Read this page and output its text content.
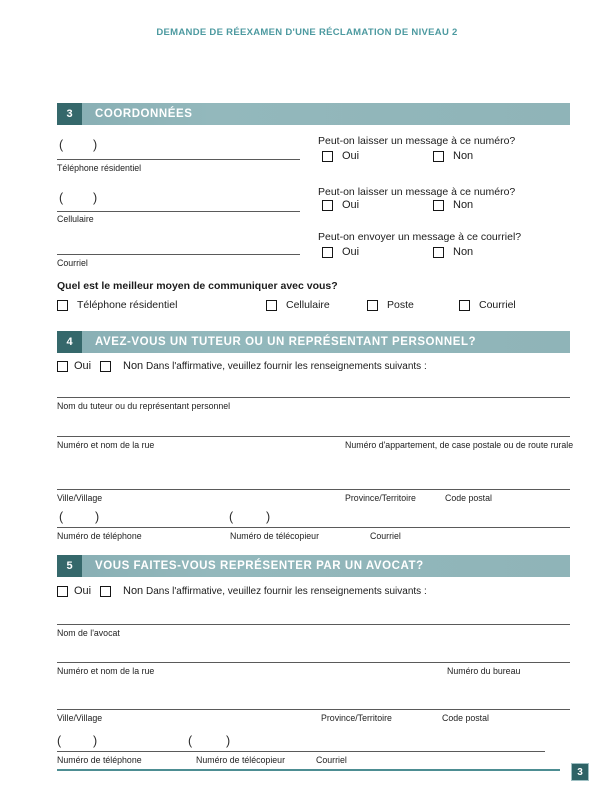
DEMANDE DE RÉEXAMEN D'UNE RÉCLAMATION DE NIVEAU 2
3	COORDONNÉES
( )
Téléphone résidentiel
Peut-on laisser un message à ce numéro?
Oui	Non
( )
Cellulaire
Peut-on laisser un message à ce numéro?
Oui	Non
Courriel
Peut-on envoyer un message à ce courriel?
Oui	Non
Quel est le meilleur moyen de communiquer avec vous?
Téléphone résidentiel	Cellulaire	Poste	Courriel
4	AVEZ-VOUS UN TUTEUR OU UN REPRÉSENTANT PERSONNEL?
Oui	Non Dans l'affirmative, veuillez fournir les renseignements suivants :
Nom du tuteur ou du représentant personnel
Numéro et nom de la rue	Numéro d'appartement, de case postale ou de route rurale
Ville/Village	Province/Territoire	Code postal
(	)	(	)
Numéro de téléphone	Numéro de télécopieur	Courriel
5	VOUS FAITES-VOUS REPRÉSENTER PAR UN AVOCAT?
Oui	Non Dans l'affirmative, veuillez fournir les renseignements suivants :
Nom de l'avocat
Numéro et nom de la rue	Numéro du bureau
Ville/Village	Province/Territoire	Code postal
(	)	(	)
Numéro de téléphone	Numéro de télécopieur	Courriel
3
